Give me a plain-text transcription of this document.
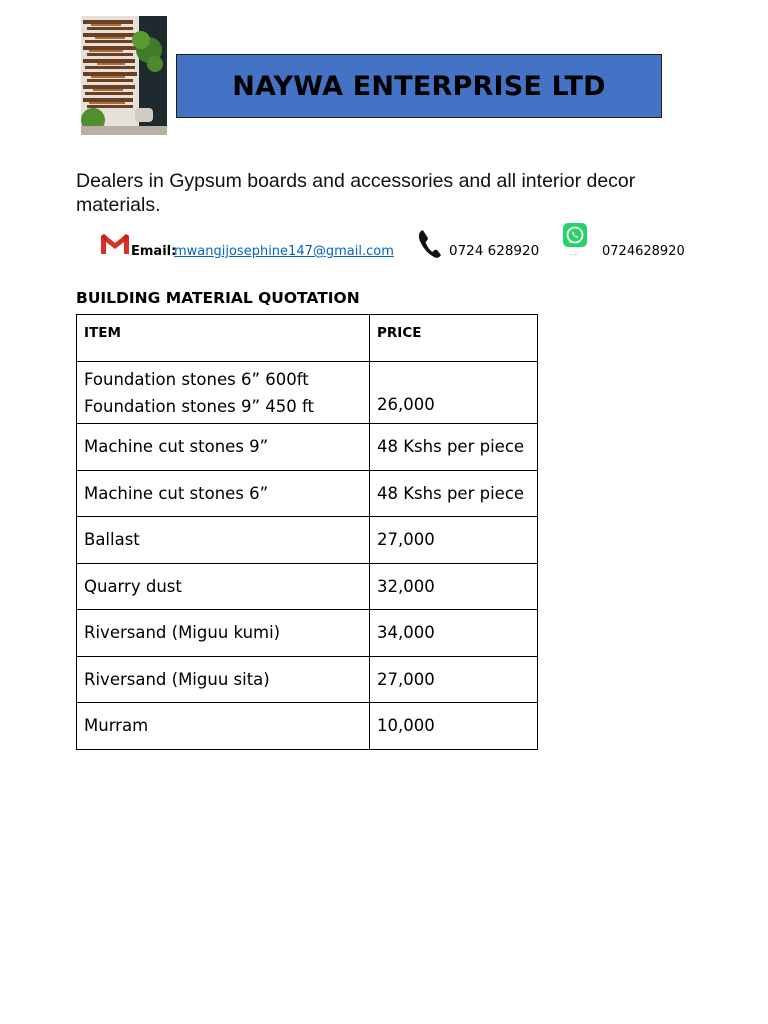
NAYWA ENTERPRISE LTD
Dealers in Gypsum boards and accessories and all interior decor materials.
Email:
mwangijosephine147@gmail.com	0724 628920	0724628920
BUILDING MATERIAL QUOTATION
ITEM	PRICE

Foundation stones 6” 600ft
Foundation stones 9” 450 ft	26,000
Machine cut stones 9”	48 Kshs per piece
Machine cut stones 6”	48 Kshs per piece
Ballast	27,000
Quarry dust	32,000
Riversand (Miguu kumi)	34,000
Riversand (Miguu sita)	27,000
Murram	10,000
